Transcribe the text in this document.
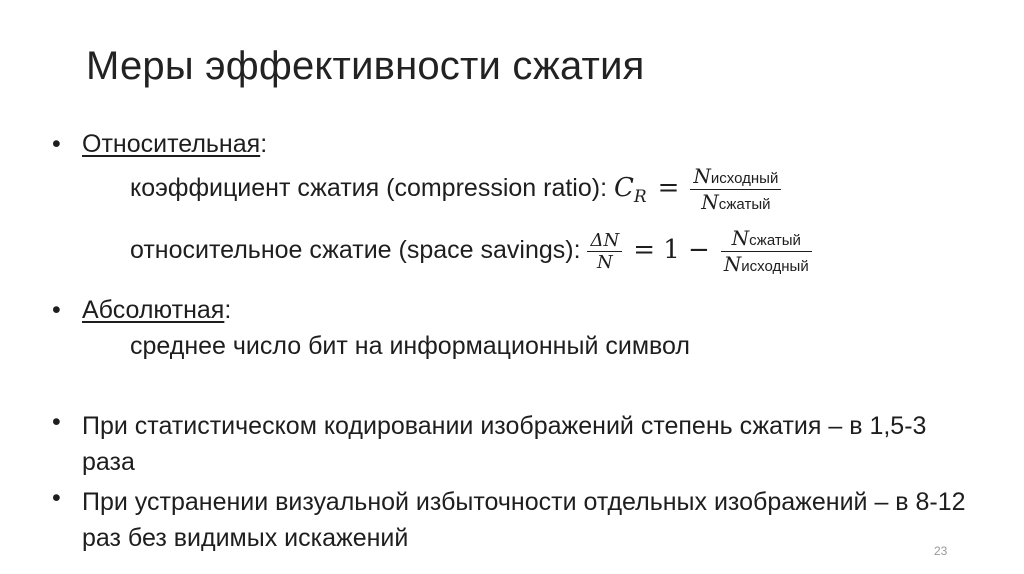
Меры эффективности сжатия
• Относительная:
коэффициент сжатия (compression ratio): $C_R = \frac{\text{Nисходный}}{\text{Nсжатый}}$
относительное сжатие (space savings): $\frac{\Delta N}{N} = 1 - \frac{\text{Nсжатый}}{\text{Nисходный}}$
• Абсолютная:
среднее число бит на информационный символ
• При статистическом кодировании изображений степень сжатия – в 1,5-3 раза
• При устранении визуальной избыточности отдельных изображений – в 8-12 раз без видимых искажений	23
